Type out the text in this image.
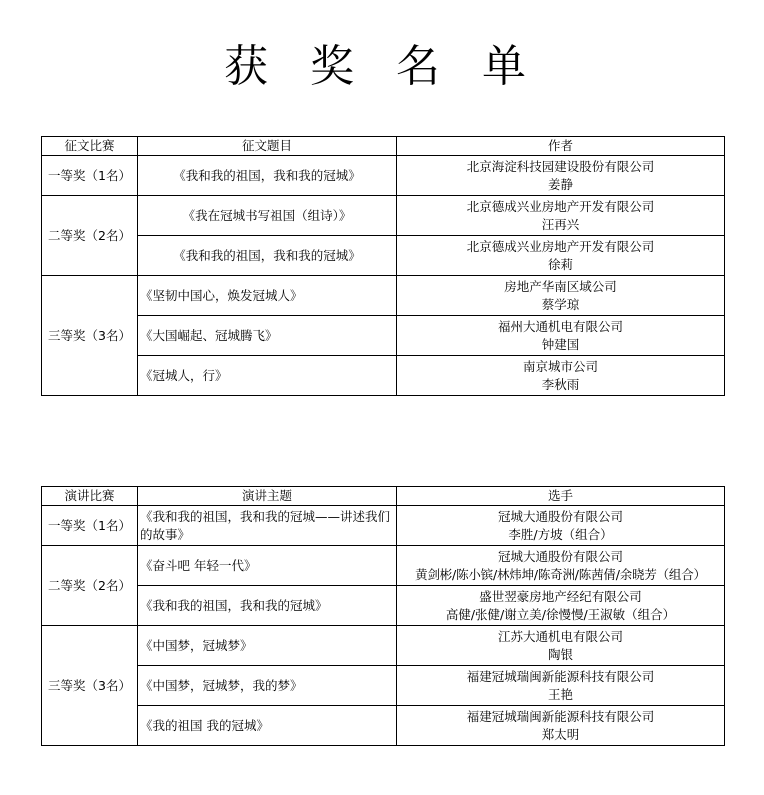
获 奖 名 单
征文比赛	征文题目	作者
一等奖（1名）	《我和我的祖国，我和我的冠城》	北京海淀科技园建设股份有限公司
姜静

二等奖（2名）	《我在冠城书写祖国（组诗）》	北京德成兴业房地产开发有限公司
汪再兴

	《我和我的祖国，我和我的冠城》	北京德成兴业房地产开发有限公司
徐莉

三等奖（3名）	《坚韧中国心，焕发冠城人》	房地产华南区域公司
蔡学琼

	《大国崛起、冠城腾飞》	福州大通机电有限公司
钟建国

	《冠城人，行》	南京城市公司
李秋雨
演讲比赛	演讲主题	选手
一等奖（1名）	《我和我的祖国，我和我的冠城——讲述我们的故事》	冠城大通股份有限公司
李胜/方坡（组合）

二等奖（2名）	《奋斗吧 年轻一代》	冠城大通股份有限公司
黄剑彬/陈小镔/林炜坤/陈奇洲/陈茜倩/余晓芳（组合）

	《我和我的祖国，我和我的冠城》	盛世翌豪房地产经纪有限公司
高健/张健/谢立美/徐慢慢/王淑敏（组合）

三等奖（3名）	《中国梦，冠城梦》	江苏大通机电有限公司
陶银

	《中国梦，冠城梦，我的梦》	福建冠城瑞闽新能源科技有限公司
王艳

	《我的祖国 我的冠城》	福建冠城瑞闽新能源科技有限公司
郑太明
